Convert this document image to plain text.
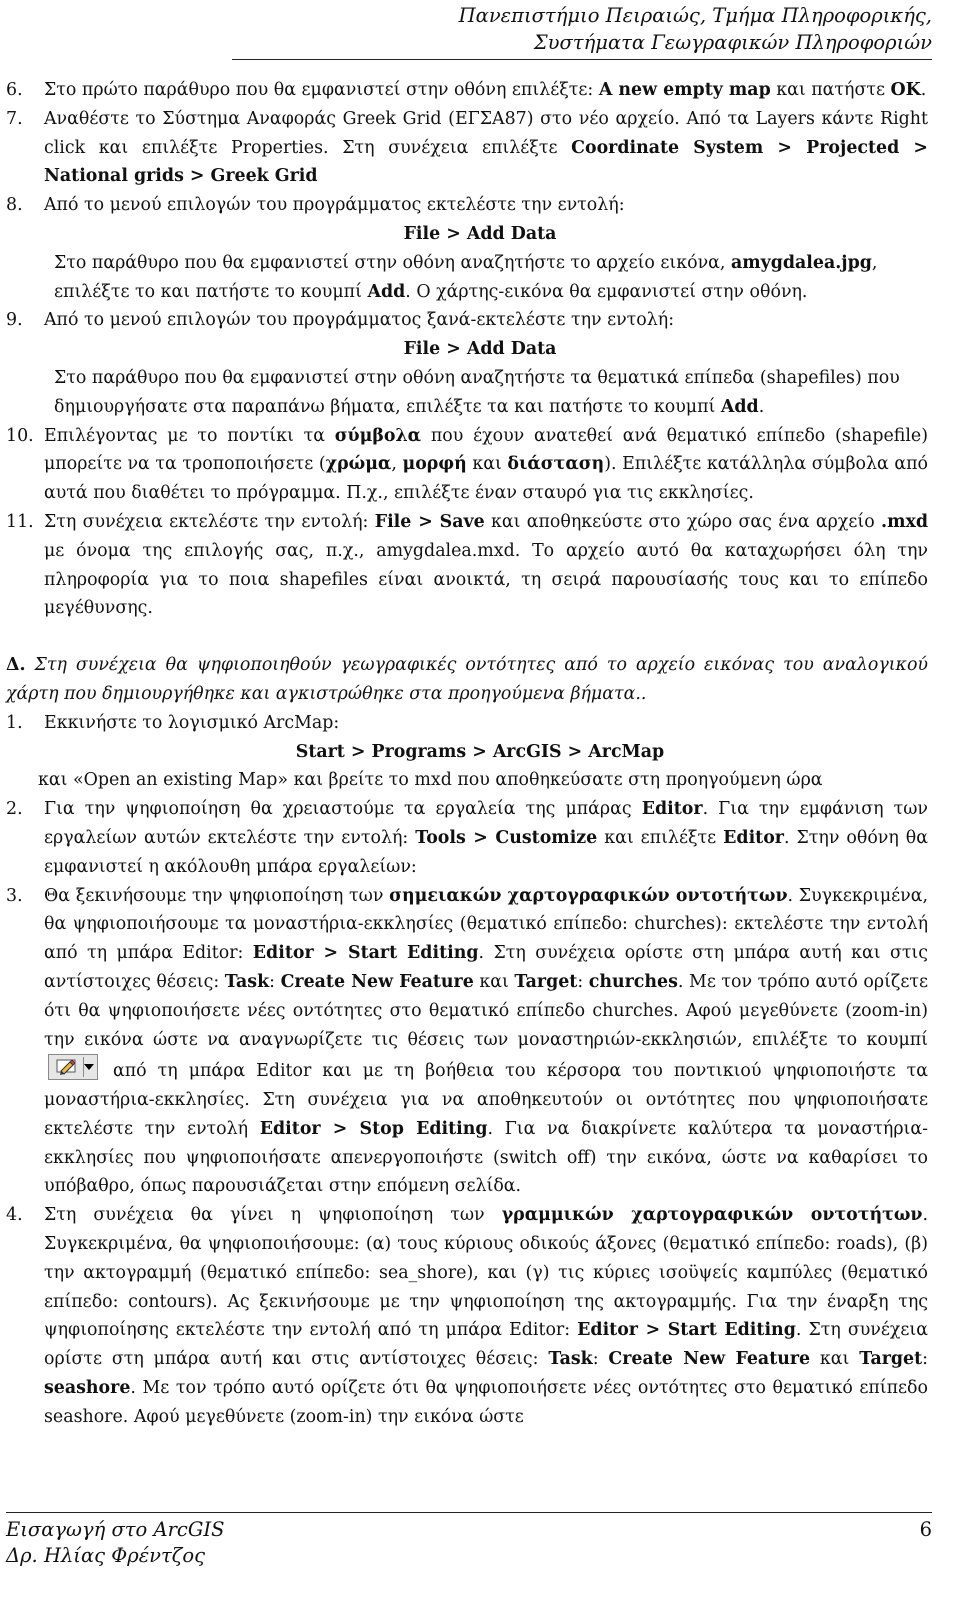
Πανεπιστήμιο Πειραιώς, Τμήμα Πληροφορικής,
Συστήματα Γεωγραφικών Πληροφοριών
6. Στο πρώτο παράθυρο που θα εμφανιστεί στην οθόνη επιλέξτε: A new empty map και πατήστε OK.
7. Αναθέστε το Σύστημα Αναφοράς Greek Grid (ΕΓΣΑ87) στο νέο αρχείο. Από τα Layers κάντε Right click και επιλέξτε Properties. Στη συνέχεια επιλέξτε Coordinate System > Projected > National grids > Greek Grid
8. Από το μενού επιλογών του προγράμματος εκτελέστε την εντολή:
File > Add Data
Στο παράθυρο που θα εμφανιστεί στην οθόνη αναζητήστε το αρχείο εικόνα, amygdalea.jpg, επιλέξτε το και πατήστε το κουμπί Add. Ο χάρτης-εικόνα θα εμφανιστεί στην οθόνη.
9. Από το μενού επιλογών του προγράμματος ξανά-εκτελέστε την εντολή:
File > Add Data
Στο παράθυρο που θα εμφανιστεί στην οθόνη αναζητήστε τα θεματικά επίπεδα (shapefiles) που δημιουργήσατε στα παραπάνω βήματα, επιλέξτε τα και πατήστε το κουμπί Add.
10. Επιλέγοντας με το ποντίκι τα σύμβολα που έχουν ανατεθεί ανά θεματικό επίπεδο (shapefile) μπορείτε να τα τροποποιήσετε (χρώμα, μορφή και διάσταση). Επιλέξτε κατάλληλα σύμβολα από αυτά που διαθέτει το πρόγραμμα. Π.χ., επιλέξτε έναν σταυρό για τις εκκλησίες.
11. Στη συνέχεια εκτελέστε την εντολή: File > Save και αποθηκεύστε στο χώρο σας ένα αρχείο .mxd με όνομα της επιλογής σας, π.χ., amygdalea.mxd. Το αρχείο αυτό θα καταχωρήσει όλη την πληροφορία για το ποια shapefiles είναι ανοικτά, τη σειρά παρουσίασής τους και το επίπεδο μεγέθυνσης.
Δ. Στη συνέχεια θα ψηφιοποιηθούν γεωγραφικές οντότητες από το αρχείο εικόνας του αναλογικού χάρτη που δημιουργήθηκε και αγκιστρώθηκε στα προηγούμενα βήματα..
1. Εκκινήστε το λογισμικό ArcMap:
Start > Programs > ArcGIS > ArcMap
και «Open an existing Map» και βρείτε το mxd που αποθηκεύσατε στη προηγούμενη ώρα
2. Για την ψηφιοποίηση θα χρειαστούμε τα εργαλεία της μπάρας Editor. Για την εμφάνιση των εργαλείων αυτών εκτελέστε την εντολή: Tools > Customize και επιλέξτε Editor. Στην οθόνη θα εμφανιστεί η ακόλουθη μπάρα εργαλείων:
3. Θα ξεκινήσουμε την ψηφιοποίηση των σημειακών χαρτογραφικών οντοτήτων. Συγκεκριμένα, θα ψηφιοποιήσουμε τα μοναστήρια-εκκλησίες (θεματικό επίπεδο: churches): εκτελέστε την εντολή από τη μπάρα Editor: Editor > Start Editing. Στη συνέχεια ορίστε στη μπάρα αυτή και στις αντίστοιχες θέσεις: Task: Create New Feature και Target: churches. Με τον τρόπο αυτό ορίζετε ότι θα ψηφιοποιήσετε νέες οντότητες στο θεματικό επίπεδο churches. Αφού μεγεθύνετε (zoom-in) την εικόνα ώστε να αναγνωρίζετε τις θέσεις των μοναστηριών-εκκλησιών, επιλέξτε το κουμπί
από τη μπάρα Editor και με τη βοήθεια του κέρσορα του ποντικιού ψηφιοποιήστε τα μοναστήρια-εκκλησίες. Στη συνέχεια για να αποθηκευτούν οι οντότητες που ψηφιοποιήσατε εκτελέστε την εντολή Editor > Stop Editing. Για να διακρίνετε καλύτερα τα μοναστήρια-εκκλησίες που ψηφιοποιήσατε απενεργοποιήστε (switch off) την εικόνα, ώστε να καθαρίσει το υπόβαθρο, όπως παρουσιάζεται στην επόμενη σελίδα.
4. Στη συνέχεια θα γίνει η ψηφιοποίηση των γραμμικών χαρτογραφικών οντοτήτων. Συγκεκριμένα, θα ψηφιοποιήσουμε: (α) τους κύριους οδικούς άξονες (θεματικό επίπεδο: roads), (β) την ακτογραμμή (θεματικό επίπεδο: sea_shore), και (γ) τις κύριες ισοϋψείς καμπύλες (θεματικό επίπεδο: contours). Ας ξεκινήσουμε με την ψηφιοποίηση της ακτογραμμής. Για την έναρξη της ψηφιοποίησης εκτελέστε την εντολή από τη μπάρα Editor: Editor > Start Editing. Στη συνέχεια ορίστε στη μπάρα αυτή και στις αντίστοιχες θέσεις: Task: Create New Feature και Target: seashore. Με τον τρόπο αυτό ορίζετε ότι θα ψηφιοποιήσετε νέες οντότητες στο θεματικό επίπεδο seashore. Αφού μεγεθύνετε (zoom-in) την εικόνα ώστε
Εισαγωγή στο ArcGIS
Δρ. Ηλίας Φρέντζος
6
